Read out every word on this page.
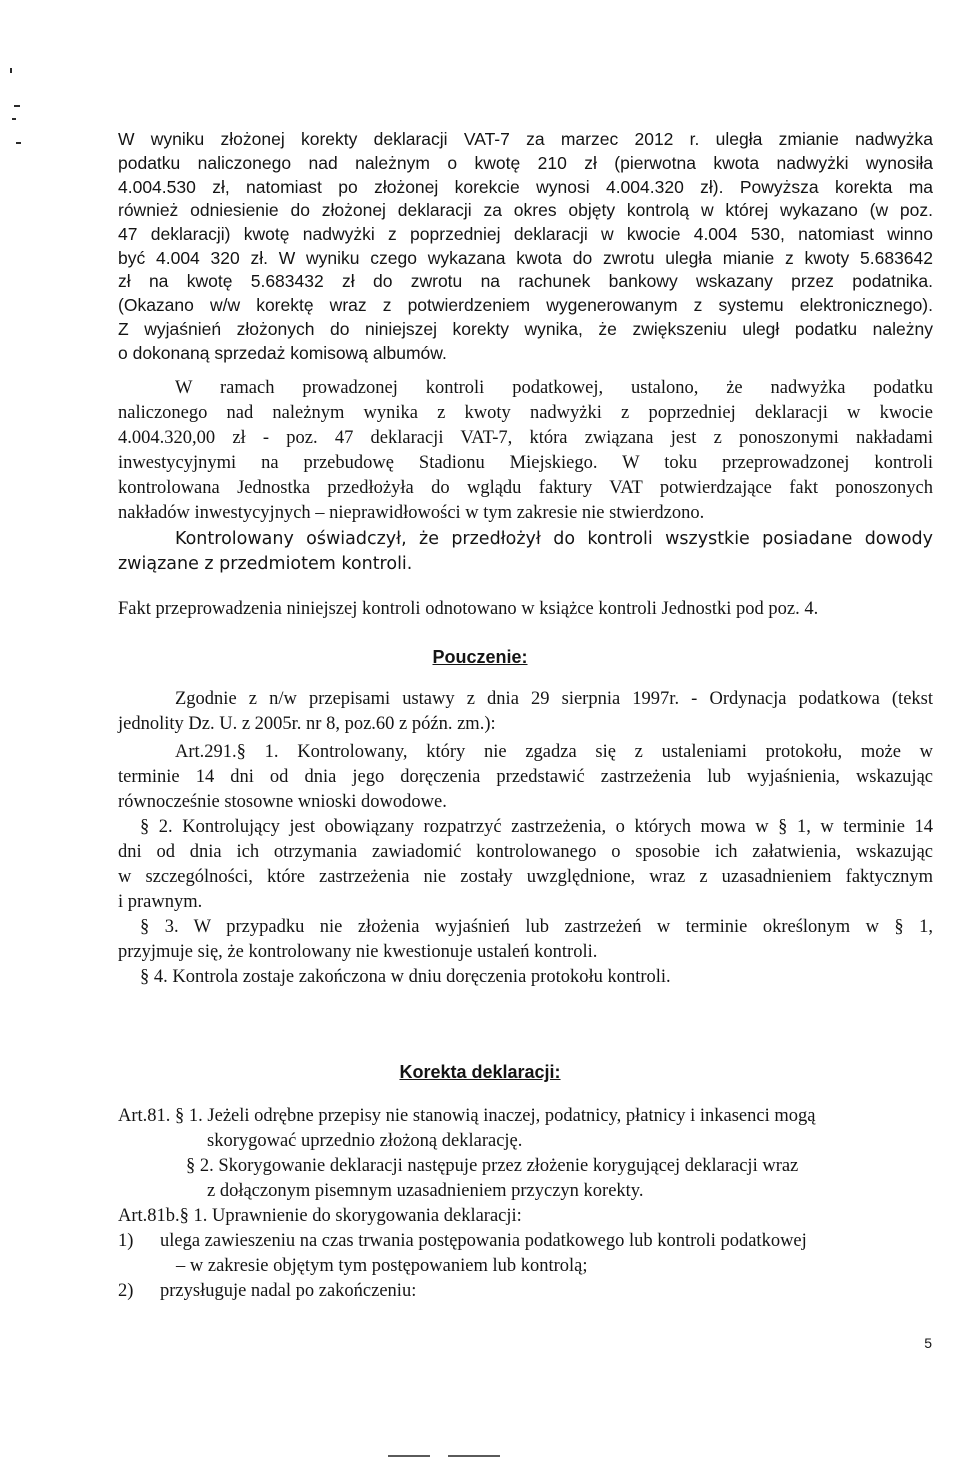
W wyniku złożonej korekty deklaracji VAT-7 za marzec 2012 r. uległa zmianie nadwyżka
podatku naliczonego nad należnym o kwotę 210 zł (pierwotna kwota nadwyżki wynosiła
4.004.530 zł, natomiast po złożonej korekcie wynosi 4.004.320 zł). Powyższa korekta ma
również odniesienie do złożonej deklaracji za okres objęty kontrolą w której wykazano (w poz.
47 deklaracji) kwotę nadwyżki z poprzedniej deklaracji w kwocie 4.004 530, natomiast winno
być 4.004 320 zł. W wyniku czego wykazana kwota do zwrotu uległa mianie z kwoty 5.683642
zł na kwotę 5.683432 zł do zwrotu na rachunek bankowy wskazany przez podatnika.
(Okazano w/w korektę wraz z potwierdzeniem wygenerowanym z systemu elektronicznego).
Z wyjaśnień złożonych do niniejszej korekty wynika, że zwiększeniu uległ podatku należny
o dokonaną sprzedaż komisową albumów.
W ramach prowadzonej kontroli podatkowej, ustalono, że nadwyżka podatku
naliczonego nad należnym wynika z kwoty nadwyżki z poprzedniej deklaracji w kwocie
4.004.320,00 zł - poz. 47 deklaracji VAT-7, która związana jest z ponoszonymi nakładami
inwestycyjnymi na przebudowę Stadionu Miejskiego. W toku przeprowadzonej kontroli
kontrolowana Jednostka przedłożyła do wglądu faktury VAT potwierdzające fakt ponoszonych
nakładów inwestycyjnych – nieprawidłowości w tym zakresie nie stwierdzono.
Kontrolowany oświadczył, że przedłożył do kontroli wszystkie posiadane dowody
związane z przedmiotem kontroli.
Fakt przeprowadzenia niniejszej kontroli odnotowano w książce kontroli Jednostki pod poz. 4.
Pouczenie:
Zgodnie z n/w przepisami ustawy z dnia 29 sierpnia 1997r. - Ordynacja podatkowa (tekst
jednolity Dz. U. z 2005r. nr 8, poz.60 z późn. zm.):
Art.291.§ 1. Kontrolowany, który nie zgadza się z ustaleniami protokołu, może w
terminie 14 dni od dnia jego doręczenia przedstawić zastrzeżenia lub wyjaśnienia, wskazując
równocześnie stosowne wnioski dowodowe.
§ 2. Kontrolujący jest obowiązany rozpatrzyć zastrzeżenia, o których mowa w § 1, w terminie 14
dni od dnia ich otrzymania zawiadomić kontrolowanego o sposobie ich załatwienia, wskazując
w szczególności, które zastrzeżenia nie zostały uwzględnione, wraz z uzasadnieniem faktycznym
i prawnym.
§ 3. W przypadku nie złożenia wyjaśnień lub zastrzeżeń w terminie określonym w § 1,
przyjmuje się, że kontrolowany nie kwestionuje ustaleń kontroli.
§ 4. Kontrola zostaje zakończona w dniu doręczenia protokołu kontroli.
Korekta deklaracji:
Art.81. § 1. Jeżeli odrębne przepisy nie stanowią inaczej, podatnicy, płatnicy i inkasenci mogą
skorygować uprzednio złożoną deklarację.
§ 2. Skorygowanie deklaracji następuje przez złożenie korygującej deklaracji wraz
z dołączonym pisemnym uzasadnieniem przyczyn korekty.
Art.81b.§ 1. Uprawnienie do skorygowania deklaracji:
1) ulega zawieszeniu na czas trwania postępowania podatkowego lub kontroli podatkowej
– w zakresie objętym tym postępowaniem lub kontrolą;
2) przysługuje nadal po zakończeniu:
5
